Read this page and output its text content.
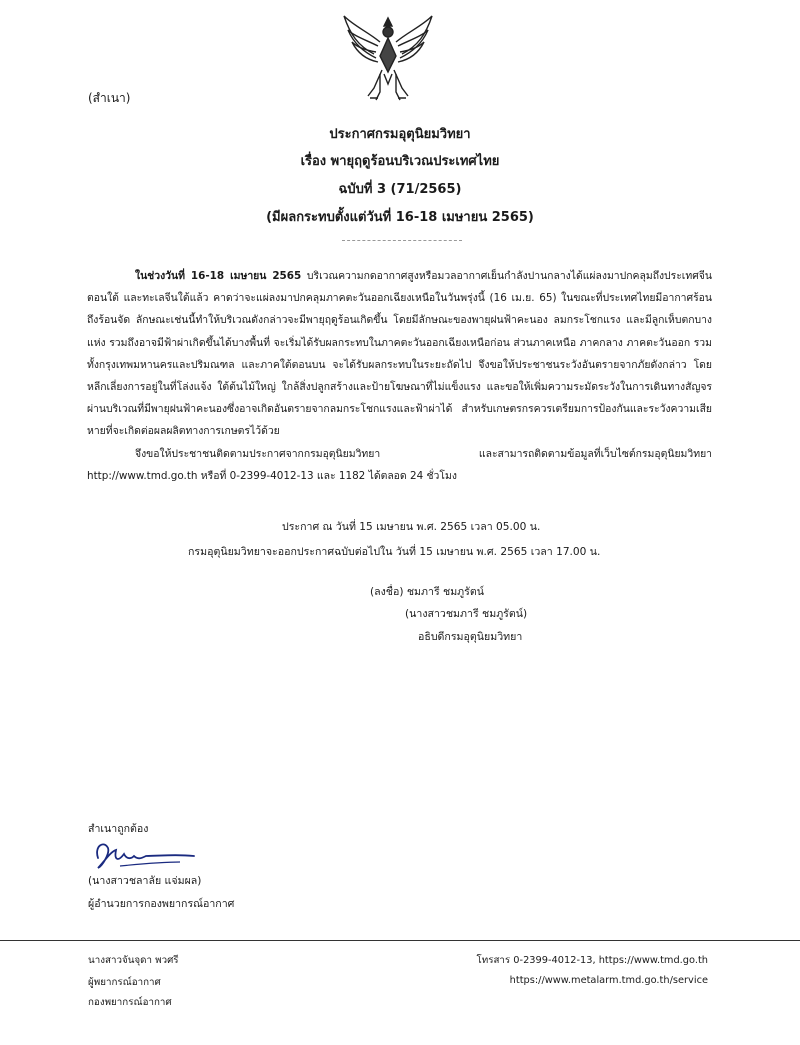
(สำเนา)
ประกาศกรมอุตุนิยมวิทยา
เรื่อง พายุฤดูร้อนบริเวณประเทศไทย
ฉบับที่ 3 (71/2565)
(มีผลกระทบตั้งแต่วันที่ 16-18 เมษายน 2565)

ในช่วงวันที่ 16-18 เมษายน 2565 บริเวณความกดอากาศสูงหรือมวลอากาศเย็นกำลังปานกลางได้แผ่ลงมาปกคลุมถึงประเทศจีนตอนใต้ และทะเลจีนใต้แล้ว คาดว่าจะแผ่ลงมาปกคลุมภาคตะวันออกเฉียงเหนือในวันพรุ่งนี้ (16 เม.ย. 65) ในขณะที่ประเทศไทยมีอากาศร้อนถึงร้อนจัด ลักษณะเช่นนี้ทำให้บริเวณดังกล่าวจะมีพายุฤดูร้อนเกิดขึ้น โดยมีลักษณะของพายุฝนฟ้าคะนอง ลมกระโชกแรง และมีลูกเห็บตกบางแห่ง รวมถึงอาจมีฟ้าผ่าเกิดขึ้นได้บางพื้นที่ จะเริ่มได้รับผลกระทบในภาคตะวันออกเฉียงเหนือก่อน ส่วนภาคเหนือ ภาคกลาง ภาคตะวันออก รวมทั้งกรุงเทพมหานครและปริมณฑล และภาคใต้ตอนบน จะได้รับผลกระทบในระยะถัดไป จึงขอให้ประชาชนระวังอันตรายจากภัยดังกล่าว โดยหลีกเลี่ยงการอยู่ในที่โล่งแจ้ง ใต้ต้นไม้ใหญ่ ใกล้สิ่งปลูกสร้างและป้ายโฆษณาที่ไม่แข็งแรง และขอให้เพิ่มความระมัดระวังในการเดินทางสัญจรผ่านบริเวณที่มีพายุฝนฟ้าคะนองซึ่งอาจเกิดอันตรายจากลมกระโชกแรงและฟ้าผ่าได้ สำหรับเกษตรกรควรเตรียมการป้องกันและระวังความเสียหายที่จะเกิดต่อผลผลิตทางการเกษตรไว้ด้วย

จึงขอให้ประชาชนติดตามประกาศจากกรมอุตุนิยมวิทยา และสามารถติดตามข้อมูลที่เว็บไซต์กรมอุตุนิยมวิทยา http://www.tmd.go.th หรือที่ 0-2399-4012-13 และ 1182 ได้ตลอด 24 ชั่วโมง

ประกาศ ณ วันที่ 15 เมษายน พ.ศ. 2565 เวลา 05.00 น.
กรมอุตุนิยมวิทยาจะออกประกาศฉบับต่อไปใน วันที่ 15 เมษายน พ.ศ. 2565 เวลา 17.00 น.
(ลงชื่อ) ชมภารี ชมภูรัตน์
(นางสาวชมภารี ชมภูรัตน์)
อธิบดีกรมอุตุนิยมวิทยา
สำเนาถูกต้อง
(นางสาวชลาลัย แจ่มผล)
ผู้อำนวยการกองพยากรณ์อากาศ
นางสาวจันจุดา พวศรี
ผู้พยากรณ์อากาศ
กองพยากรณ์อากาศ
โทรสาร 0-2399-4012-13, https://www.tmd.go.th
https://www.metalarm.tmd.go.th/service
